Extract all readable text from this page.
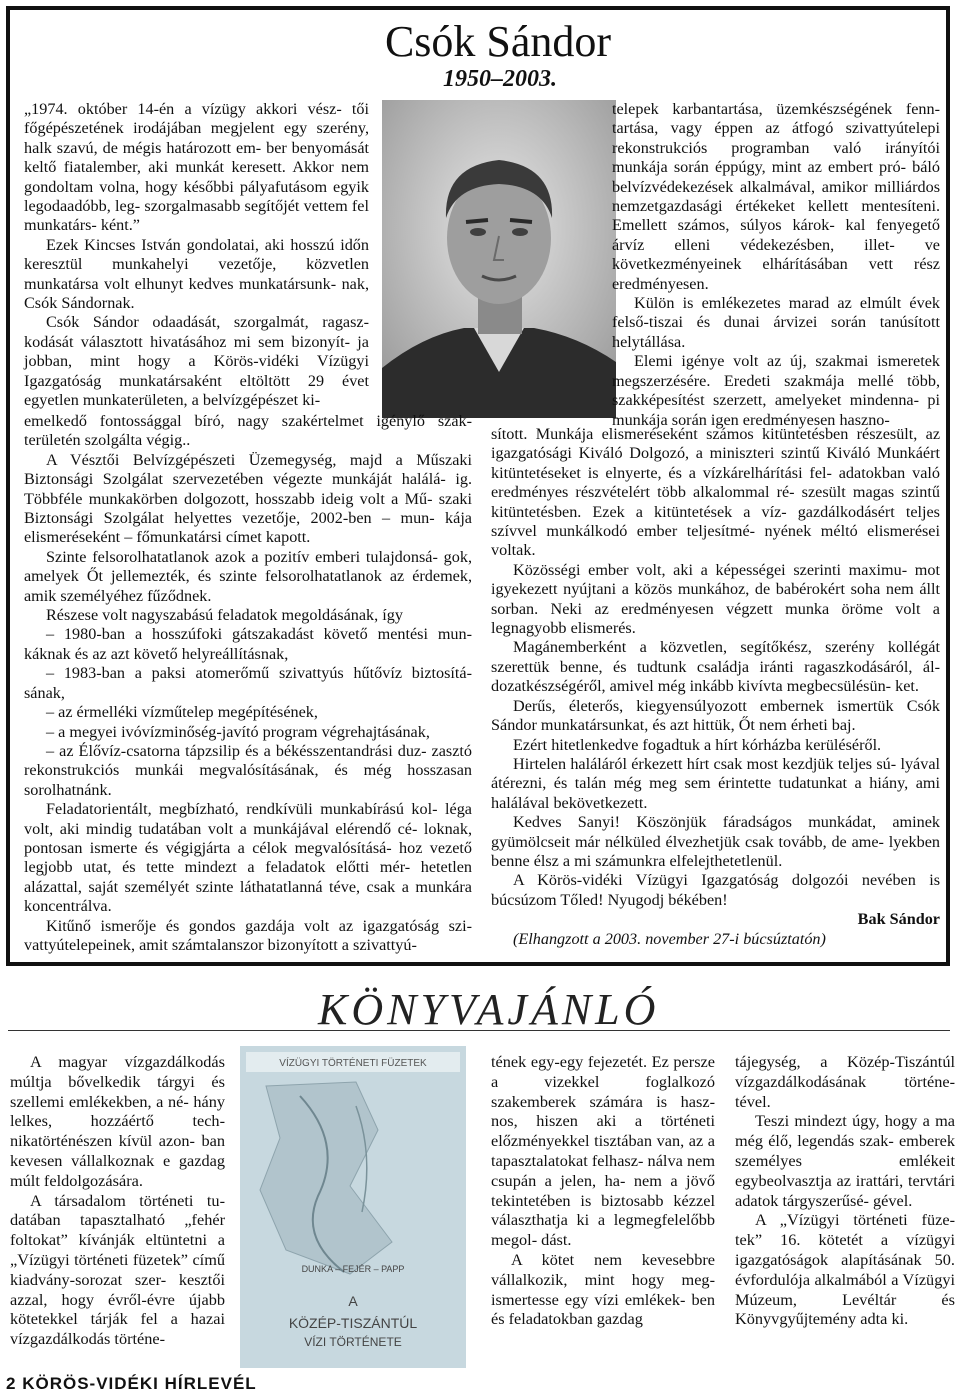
Csók Sándor
1950–2003.

„1974. október 14-én a vízügy akkori vész- tői főgépészetének irodájában megjelent egy szerény, halk szavú, de mégis határozott em- ber benyomását keltő fiatalember, aki munkát keresett. Akkor nem gondoltam volna, hogy későbbi pályafutásom egyik legodaadóbb, leg- szorgalmasabb segítőjét vettem fel munkatárs- ként.”

Ezek Kincses István gondolatai, aki hosszú időn keresztül munkahelyi vezetője, közvetlen munkatársa volt elhunyt kedves munkatársunk- nak, Csók Sándornak.

Csók Sándor odaadását, szorgalmát, ragasz- kodását választott hivatásához mi sem bizonyít- ja jobban, mint hogy a Körös-vidéki Vízügyi Igazgatóság munkatársaként eltöltött 29 évet egyetlen munkaterületen, a belvízgépészet ki-

telepek karbantartása, üzemkészségének fenn- tartása, vagy éppen az átfogó szivattyútelepi rekonstrukciós programban való irányítói munkája során éppúgy, mint az embert pró- báló belvízvédekezések alkalmával, amikor milliárdos nemzetgazdasági értékeket kellett mentesíteni. Emellett számos, súlyos károk- kal fenyegető árvíz elleni védekezésben, illet- ve következményeinek elhárításában vett rész eredményesen.

Külön is emlékezetes marad az elmúlt évek felső-tiszai és dunai árvizei során tanúsított helytállása.

Elemi igénye volt az új, szakmai ismeretek megszerzésére. Eredeti szakmája mellé több, szakképesítést szerzett, amelyeket mindenna- pi munkája során igen eredményesen haszno-

emelkedő fontossággal bíró, nagy szakértelmet igénylő szak- területén szolgálta végig..

A Vésztői Belvízgépészeti Üzemegység, majd a Műszaki Biztonsági Szolgálat szervezetében végezte munkáját halálá- ig. Többféle munkakörben dolgozott, hosszabb ideig volt a Mű- szaki Biztonsági Szolgálat helyettes vezetője, 2002-ben – mun- kája elismeréseként – főmunkatársi címet kapott.

Szinte felsorolhatatlanok azok a pozitív emberi tulajdonsá- gok, amelyek Őt jellemezték, és szinte felsorolhatatlanok az érdemek, amik személyéhez fűződnek.

Részese volt nagyszabású feladatok megoldásának, így

– 1980-ban a hosszúfoki gátszakadást követő mentési mun- káknak és az azt követő helyreállításnak,

– 1983-ban a paksi atomerőmű szivattyús hűtővíz biztosítá- sának,

– az érmelléki vízműtelep megépítésének,

– a megyei ivóvízminőség-javító program végrehajtásának,

– az Élővíz-csatorna tápzsilip és a békésszentandrási duz- zasztó rekonstrukciós munkái megvalósításának, és még hosszasan sorolhatnánk.

Feladatorientált, megbízható, rendkívüli munkabírású kol- léga volt, aki mindig tudatában volt a munkájával elérendő cé- loknak, pontosan ismerte és végigjárta a célok megvalósításá- hoz vezető legjobb utat, és tette mindezt a feladatok előtti mér- hetetlen alázattal, saját személyét szinte láthatatlanná téve, csak a munkára koncentrálva.

Kitűnő ismerője és gondos gazdája volt az igazgatóság szi- vattyútelepeinek, amit számtalanszor bizonyított a szivattyú-

sított. Munkája elismeréseként számos kitüntetésben részesült, az igazgatósági Kiváló Dolgozó, a miniszteri szintű Kiváló Munkáért kitüntetéseket is elnyerte, és a vízkárelhárítási fel- adatokban való eredményes részvételért több alkalommal ré- szesült magas szintű kitüntetésben. Ezek a kitüntetések a víz- gazdálkodásért teljes szívvel munkálkodó ember teljesítmé- nyének méltó elismerései voltak.

Közösségi ember volt, aki a képességei szerinti maximu- mot igyekezett nyújtani a közös munkához, de babérokért soha nem állt sorban. Neki az eredményesen végzett munka öröme volt a legnagyobb elismerés.

Magánemberként a közvetlen, segítőkész, szerény kollégát szerettük benne, és tudtunk családja iránti ragaszkodásáról, ál- dozatkészségéről, amivel még inkább kivívta megbecsülésün- ket.

Derűs, életerős, kiegyensúlyozott embernek ismertük Csók Sándor munkatársunkat, és azt hittük, Őt nem érheti baj.

Ezért hitetlenkedve fogadtuk a hírt kórházba kerüléséről.

Hirtelen haláláról érkezett hírt csak most kezdjük teljes sú- lyával átérezni, és talán még meg sem érintette tudatunkat a hiány, ami halálával bekövetkezett.

Kedves Sanyi! Köszönjük fáradságos munkádat, aminek gyümölcseit már nélküled élvezhetjük csak tovább, de ame- lyekben benne élsz a mi számunkra elfelejthetetlenül.

A Körös-vidéki Vízügyi Igazgatóság dolgozói nevében is búcsúzom Tőled! Nyugodj békében!

Bak Sándor

(Elhangzott a 2003. november 27-i búcsúztatón)

KÖNYVAJÁNLÓ

A magyar vízgazdálkodás múltja bővelkedik tárgyi és szellemi emlékekben, a né- hány lelkes, hozzáértő tech- nikatörténészen kívül azon- ban kevesen vállalkoznak e gazdag múlt feldolgozására.

A társadalom történeti tu- datában tapasztalható „fehér foltokat” kívánják eltüntetni a „Vízügyi történeti füzetek” című kiadvány-sorozat szer- kesztői azzal, hogy évről-évre újabb kötetekkel tárják fel a hazai vízgazdálkodás történe-

VÍZÜGYI TÖRTÉNETI FÜZETEK
DUNKA – FEJÉR – PAPP
A
KÖZÉP-TISZÁNTÚL
VÍZI TÖRTÉNETE

tének egy-egy fejezetét. Ez persze a vizekkel foglalkozó szakemberek számára is hasz- nos, hiszen aki a történeti előzményekkel tisztában van, az a tapasztalatokat felhasz- nálva nem csupán a jelen, ha- nem a jövő tekintetében is biztosabb kézzel választhatja ki a legmegfelelőbb megol- dást.

A kötet nem kevesebbre vállalkozik, mint hogy meg- ismertesse egy vízi emlékek- ben és feladatokban gazdag

tájegység, a Közép-Tiszántúl vízgazdálkodásának történe- tével.

Teszi mindezt úgy, hogy a ma még élő, legendás szak- emberek személyes emlékeit egybeolvasztja az irattári, tervtári adatok tárgyszerűsé- gével.

A „Vízügyi történeti füze- tek” 16. kötetét a vízügyi igazgatóságok alapításának 50. évfordulója alkalmából a Vízügyi Múzeum, Levéltár és Könyvgyűjtemény adta ki.

2 KÖRÖS-VIDÉKI HÍRLEVÉL
